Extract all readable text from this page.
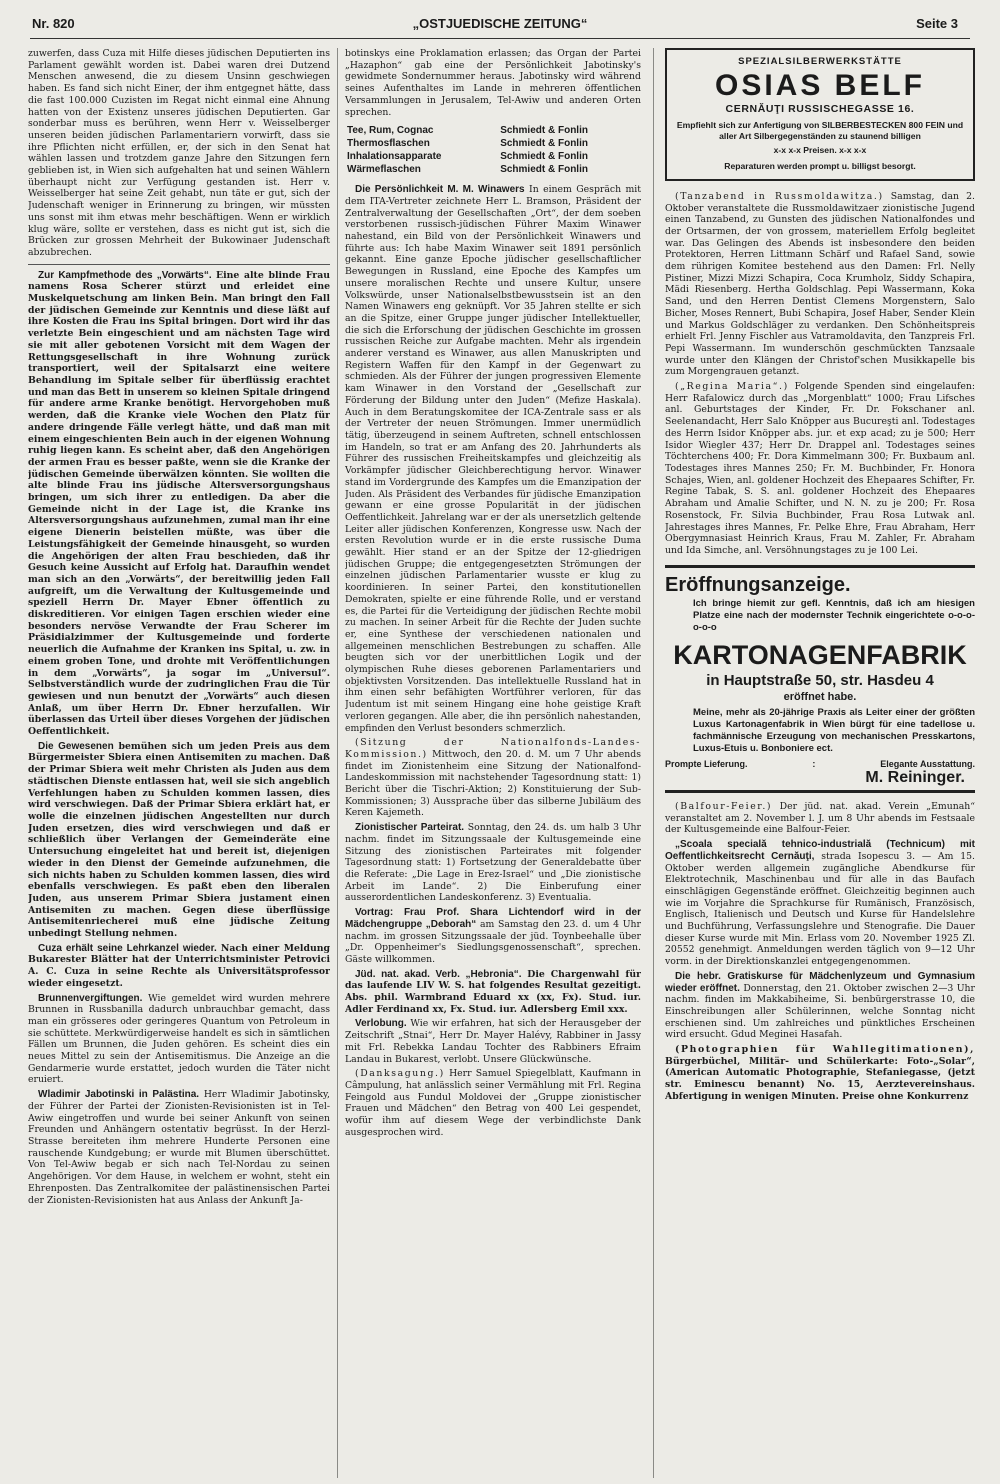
Nr. 820	„OSTJUEDISCHE ZEITUNG“	Seite 3

zuwerfen, dass Cuza mit Hilfe dieses jüdischen Deputierten ins Parlament gewählt worden ist. Dabei waren drei Dutzend Menschen anwesend, die zu diesem Unsinn geschwiegen haben. Es fand sich nicht Einer, der ihm entgegnet hätte, dass die fast 100.000 Cuzisten im Regat nicht einmal eine Ahnung hatten von der Existenz unseres jüdischen Deputierten. Gar sonderbar muss es berühren, wenn Herr v. Weisselberger unseren beiden jüdischen Parlamentariern vorwirft, dass sie ihre Pflichten nicht erfüllen, er, der sich in den Senat hat wählen lassen und trotzdem ganze Jahre den Sitzungen fern geblieben ist, in Wien sich aufgehalten hat und seinen Wählern überhaupt nicht zur Verfügung gestanden ist. Herr v. Weisselberger hat seine Zeit gehabt, nun täte er gut, sich der Judenschaft weniger in Erinnerung zu bringen, wir müssten uns sonst mit ihm etwas mehr beschäftigen. Wenn er wirklich klug wäre, sollte er verstehen, dass es nicht gut ist, sich die Brücken zur grossen Mehrheit der Bukowinaer Judenschaft abzubrechen.

Zur Kampfmethode des „Vorwärts“. Eine alte blinde Frau namens Rosa Scherer stürzt und erleidet eine Muskelquetschung am linken Bein. Man bringt den Fall der jüdischen Gemeinde zur Kenntnis und diese läßt auf ihre Kosten die Frau ins Spital bringen. Dort wird ihr das verletzte Bein eingeschient und am nächsten Tage wird sie mit aller gebotenen Vorsicht mit dem Wagen der Rettungsgesellschaft in ihre Wohnung zurück transportiert, weil der Spitalsarzt eine weitere Behandlung im Spitale selber für überflüssig erachtet und man das Bett in unserem so kleinen Spitale dringend für andere arme Kranke benötigt. Hervorgehoben muß werden, daß die Kranke viele Wochen den Platz für andere dringende Fälle verlegt hätte, und daß man mit einem eingeschienten Bein auch in der eigenen Wohnung ruhig liegen kann. Es scheint aber, daß den Angehörigen der armen Frau es besser paßte, wenn sie die Kranke der jüdischen Gemeinde überwälzen könnten. Sie wollten die alte blinde Frau ins jüdische Altersversorgungshaus bringen, um sich ihrer zu entledigen. Da aber die Gemeinde nicht in der Lage ist, die Kranke ins Altersversorgungshaus aufzunehmen, zumal man ihr eine eigene Dienerin beistellen müßte, was über die Leistungsfähigkeit der Gemeinde hinausgeht, so wurden die Angehörigen der alten Frau beschieden, daß ihr Gesuch keine Aussicht auf Erfolg hat. Daraufhin wendet man sich an den „Vorwärts“, der bereitwillig jeden Fall aufgreift, um die Verwaltung der Kultusgemeinde und speziell Herrn Dr. Mayer Ebner öffentlich zu diskreditieren. Vor einigen Tagen erschien wieder eine besonders nervöse Verwandte der Frau Scherer im Präsidialzimmer der Kultusgemeinde und forderte neuerlich die Aufnahme der Kranken ins Spital, u. zw. in einem groben Tone, und drohte mit Veröffentlichungen in dem „Vorwärts“, ja sogar im „Universul“. Selbstverständlich wurde der zudringlichen Frau die Tür gewiesen und nun benutzt der „Vorwärts“ auch diesen Anlaß, um über Herrn Dr. Ebner herzufallen. Wir überlassen das Urteil über dieses Vorgehen der jüdischen Oeffentlichkeit.

Die Gewesenen bemühen sich um jeden Preis aus dem Bürgermeister Sbiera einen Antisemiten zu machen. Daß der Primar Sbiera weit mehr Christen als Juden aus dem städtischen Dienste entlassen hat, weil sie sich angeblich Verfehlungen haben zu Schulden kommen lassen, dies wird verschwiegen. Daß der Primar Sbiera erklärt hat, er wolle die einzelnen jüdischen Angestellten nur durch Juden ersetzen, dies wird verschwiegen und daß er schließlich über Verlangen der Gemeinderäte eine Untersuchung eingeleitet hat und bereit ist, diejenigen wieder in den Dienst der Gemeinde aufzunehmen, die sich nichts haben zu Schulden kommen lassen, dies wird ebenfalls verschwiegen. Es paßt eben den liberalen Juden, aus unserem Primar Sbiera justament einen Antisemiten zu machen. Gegen diese überflüssige Antisemitenriecherei muß eine jüdische Zeitung unbedingt Stellung nehmen.

Cuza erhält seine Lehrkanzel wieder. Nach einer Meldung Bukarester Blätter hat der Unterrichtsminister Petrovici A. C. Cuza in seine Rechte als Universitätsprofessor wieder eingesetzt.

Brunnenvergiftungen. Wie gemeldet wird wurden mehrere Brunnen in Russbanilla dadurch unbrauchbar gemacht, dass man ein grösseres oder geringeres Quantum von Petroleum in sie schüttete. Merkwürdigerweise handelt es sich in sämtlichen Fällen um Brunnen, die Juden gehören. Es scheint dies ein neues Mittel zu sein der Antisemitismus. Die Anzeige an die Gendarmerie wurde erstattet, jedoch wurden die Täter nicht eruiert.

Wladimir Jabotinski in Palästina. Herr Wladimir Jabotinsky, der Führer der Partei der Zionisten-Revisionisten ist in Tel-Awiw eingetroffen und wurde bei seiner Ankunft von seinen Freunden und Anhängern ostentativ begrüsst. In der Herzl-Strasse bereiteten ihm mehrere Hunderte Personen eine rauschende Kundgebung; er wurde mit Blumen überschüttet. Von Tel-Awiw begab er sich nach Tel-Nordau zu seinen Angehörigen. Vor dem Hause, in welchem er wohnt, steht ein Ehrenposten. Das Zentralkomitee der palästinensischen Partei der Zionisten-Revisionisten hat aus Anlass der Ankunft Ja-

botinskys eine Proklamation erlassen; das Organ der Partei „Hazaphon“ gab eine der Persönlichkeit Jabotinsky's gewidmete Sondernummer heraus. Jabotinsky wird während seines Aufenthaltes im Lande in mehreren öffentlichen Versammlungen in Jerusalem, Tel-Awiw und anderen Orten sprechen.

Tee, Rum, Cognac	Schmiedt & Fonlin
Thermosflaschen	Schmiedt & Fonlin
Inhalationsapparate	Schmiedt & Fonlin
Wärmeflaschen	Schmiedt & Fonlin

Die Persönlichkeit M. M. Winawers In einem Gespräch mit dem ITA-Vertreter zeichnete Herr L. Bramson, Präsident der Zentralverwaltung der Gesellschaften „Ort“, der dem soeben verstorbenen russisch-jüdischen Führer Maxim Winawer nahestand, ein Bild von der Persönlichkeit Winawers und führte aus: Ich habe Maxim Winawer seit 1891 persönlich gekannt. Eine ganze Epoche jüdischer gesellschaftlicher Bewegungen in Russland, eine Epoche des Kampfes um unsere moralischen Rechte und unsere Kultur, unsere Volkswürde, unser Nationalselbstbewusstsein ist an den Namen Winawers eng geknüpft. Vor 35 Jahren stellte er sich an die Spitze, einer Gruppe junger jüdischer Intellektueller, die sich die Erforschung der jüdischen Geschichte im grossen russischen Reiche zur Aufgabe machten. Mehr als irgendein anderer verstand es Winawer, aus allen Manuskripten und Registern Waffen für den Kampf in der Gegenwart zu schmieden. Als der Führer der jungen progressiven Elemente kam Winawer in den Vorstand der „Gesellschaft zur Förderung der Bildung unter den Juden“ (Mefize Haskala). Auch in dem Beratungskomitee der ICA-Zentrale sass er als der Vertreter der neuen Strömungen. Immer unermüdlich tätig, überzeugend in seinem Auftreten, schnell entschlossen im Handeln, so trat er am Anfang des 20. Jahrhunderts als Führer des russischen Freiheitskampfes und gleichzeitig als Vorkämpfer jüdischer Gleichberechtigung hervor. Winawer stand im Vordergrunde des Kampfes um die Emanzipation der Juden. Als Präsident des Verbandes für jüdische Emanzipation gewann er eine grosse Popularität in der jüdischen Oeffentlichkeit. Jahrelang war er der als unersetzlich geltende Leiter aller jüdischen Konferenzen, Kongresse usw. Nach der ersten Revolution wurde er in die erste russische Duma gewählt. Hier stand er an der Spitze der 12-gliedrigen jüdischen Gruppe; die entgegengesetzten Strömungen der einzelnen jüdischen Parlamentarier wusste er klug zu koordinieren. In seiner Partei, den konstitutionellen Demokraten, spielte er eine führende Rolle, und er verstand es, die Partei für die Verteidigung der jüdischen Rechte mobil zu machen. In seiner Arbeit für die Rechte der Juden suchte er, eine Synthese der verschiedenen nationalen und allgemeinen menschlichen Bestrebungen zu schaffen. Alle beugten sich vor der unerbittlichen Logik und der olympischen Ruhe dieses geborenen Parlamentariers und objektivsten Vorsitzenden. Das intellektuelle Russland hat in ihm einen sehr befähigten Wortführer verloren, für das Judentum ist mit seinem Hingang eine hohe geistige Kraft verloren gegangen. Alle aber, die ihn persönlich nahestanden, empfinden den Verlust besonders schmerzlich.

(Sitzung der Nationalfonds-Landes-Kommission.) Mittwoch, den 20. d. M. um 7 Uhr abends findet im Zionistenheim eine Sitzung der Nationalfond-Landeskommission mit nachstehender Tagesordnung statt: 1) Bericht über die Tischri-Aktion; 2) Konstituierung der Sub-Kommissionen; 3) Aussprache über das silberne Jubiläum des Keren Kajemeth.

Zionistischer Parteirat. Sonntag, den 24. ds. um halb 3 Uhr nachm. findet im Sitzungssaale der Kultusgemeinde eine Sitzung des zionistischen Parteirates mit folgender Tagesordnung statt: 1) Fortsetzung der Generaldebatte über die Referate: „Die Lage in Erez-Israel“ und „Die zionistische Arbeit im Lande“. 2) Die Einberufung einer ausserordentlichen Landeskonferenz. 3) Eventualia.

Vortrag: Frau Prof. Shara Lichtendorf wird in der Mädchengruppe „Deborah“ am Samstag den 23. d. um 4 Uhr nachm. im grossen Sitzungssaale der jüd. Toynbeehalle über „Dr. Oppenheimer's Siedlungsgenossenschaft“, sprechen. Gäste willkommen.

Jüd. nat. akad. Verb. „Hebronia“. Die Chargenwahl für das laufende LIV W. S. hat folgendes Resultat gezeitigt. Abs. phil. Warmbrand Eduard xx (xx, Fx). Stud. iur. Adler Ferdinand xx, Fx. Stud. iur. Adlersberg Emil xxx.

Verlobung. Wie wir erfahren, hat sich der Herausgeber der Zeitschrift „Stnai“, Herr Dr. Mayer Halévy, Rabbiner in Jassy mit Frl. Rebekka Landau Tochter des Rabbiners Efraim Landau in Bukarest, verlobt. Unsere Glückwünsche.

(Danksagung.) Herr Samuel Spiegelblatt, Kaufmann in Câmpulung, hat anlässlich seiner Vermählung mit Frl. Regina Feingold aus Fundul Moldovei der „Gruppe zionistischer Frauen und Mädchen“ den Betrag von 400 Lei gespendet, wofür ihm auf diesem Wege der verbindlichste Dank ausgesprochen wird.

SPEZIALSILBERWERKSTÄTTE
OSIAS BELF
CERNĂUŢI RUSSISCHEGASSE 16.
Empfiehlt sich zur Anfertigung von SILBERBESTECKEN 800 FEIN und aller Art Silbergegenständen zu staunend billigen
x-x x-x Preisen. x-x x-x
Reparaturen werden prompt u. billigst besorgt.

(Tanzabend in Russmoldawitza.) Samstag, dan 2. Oktober veranstaltete die Russmoldawitzaer zionistische Jugend einen Tanzabend, zu Gunsten des jüdischen Nationalfondes und der Ortsarmen, der von grossem, materiellem Erfolg begleitet war. Das Gelingen des Abends ist insbesondere den beiden Protektoren, Herren Littmann Schärf und Rafael Sand, sowie dem rührigen Komitee bestehend aus den Damen: Frl. Nelly Pistiner, Mizzi Mizzi Schapira, Coca Krumholz, Siddy Schapira, Mädi Riesenberg. Hertha Goldschlag. Pepi Wassermann, Koka Sand, und den Herren Dentist Clemens Morgenstern, Salo Bicher, Moses Rennert, Bubi Schapira, Josef Haber, Sender Klein und Markus Goldschläger zu verdanken. Den Schönheitspreis erhielt Frl. Jenny Fischler aus Vatramoldavita, den Tanzpreis Frl. Pepi Wassermann. Im wunderschön geschmückten Tanzsaale wurde unter den Klängen der Christof'schen Musikkapelle bis zum Morgengrauen getanzt.

(„Regina Maria“.) Folgende Spenden sind eingelaufen: Herr Rafalowicz durch das „Morgenblatt“ 1000; Frau Lifsches anl. Geburtstages der Kinder, Fr. Dr. Fokschaner anl. Seelenandacht, Herr Salo Knöpper aus Bucureşti anl. Todestages des Herrn Isidor Knöpper abs. jur. et exp acad; zu je 500; Herr Isidor Wiegler 437; Herr Dr. Drappel anl. Todestages seines Töchterchens 400; Fr. Dora Kimmelmann 300; Fr. Buxbaum anl. Todestages ihres Mannes 250; Fr. M. Buchbinder, Fr. Honora Schajes, Wien, anl. goldener Hochzeit des Ehepaares Schifter, Fr. Regine Tabak, S. S. anl. goldener Hochzeit des Ehepaares Abraham und Amalie Schifter, und N. N. zu je 200; Fr. Rosa Rosenstock, Fr. Silvia Buchbinder, Frau Rosa Lutwak anl. Jahrestages ihres Mannes, Fr. Pelke Ehre, Frau Abraham, Herr Obergymnasiast Heinrich Kraus, Frau M. Zahler, Fr. Abraham und Ida Simche, anl. Versöhnungstages zu je 100 Lei.

Eröffnungsanzeige.
Ich bringe hiemit zur gefl. Kenntnis, daß ich am hiesigen Platze eine nach der modernster Technik eingerichtete o-o-o-o-o-o
KARTONAGENFABRIK
in Hauptstraße 50, str. Hasdeu 4
eröffnet habe.
Meine, mehr als 20-jährige Praxis als Leiter einer der größten Luxus Kartonagenfabrik in Wien bürgt für eine tadellose u. fachmännische Erzeugung von mechanischen Presskartons, Luxus-Etuis u. Bonboniere ect.
Prompte Lieferung.	:	Elegante Ausstattung.
M. Reininger.

(Balfour-Feier.) Der jüd. nat. akad. Verein „Emunah“ veranstaltet am 2. November l. J. um 8 Uhr abends im Festsaale der Kultusgemeinde eine Balfour-Feier.

„Scoala specială tehnico-industrială (Technicum) mit Oeffentlichkeitsrecht Cernăuţi, strada Isopescu 3. — Am 15. Oktober werden allgemein zugängliche Abendkurse für Elektrotechnik, Maschinenbau und für alle in das Baufach einschlägigen Gegenstände eröffnet. Gleichzeitig beginnen auch wie im Vorjahre die Sprachkurse für Rumänisch, Französisch, Englisch, Italienisch und Deutsch und Kurse für Handelslehre und Buchführung, Verfassungslehre und Stenografie. Die Dauer dieser Kurse wurde mit Min. Erlass vom 20. November 1925 Zl. 20552 genehmigt. Anmeldungen werden täglich von 9—12 Uhr vorm. in der Direktionskanzlei entgegengenommen.

Die hebr. Gratiskurse für Mädchenlyzeum und Gymnasium wieder eröffnet. Donnerstag, den 21. Oktober zwischen 2—3 Uhr nachm. finden im Makkabiheime, Si. benbürgerstrasse 10, die Einschreibungen aller Schülerinnen, welche Sonntag nicht erschienen sind. Um zahlreiches und pünktliches Erscheinen wird ersucht. Gdud Meginei Hasafah.

(Photographien für Wahllegitimationen), Bürgerbüchel, Militär- und Schülerkarte: Foto-„Solar“, (American Automatic Photographie, Stefaniegasse, (jetzt str. Eminescu benannt) No. 15, Aerztevereinshaus. Abfertigung in wenigen Minuten. Preise ohne Konkurrenz
